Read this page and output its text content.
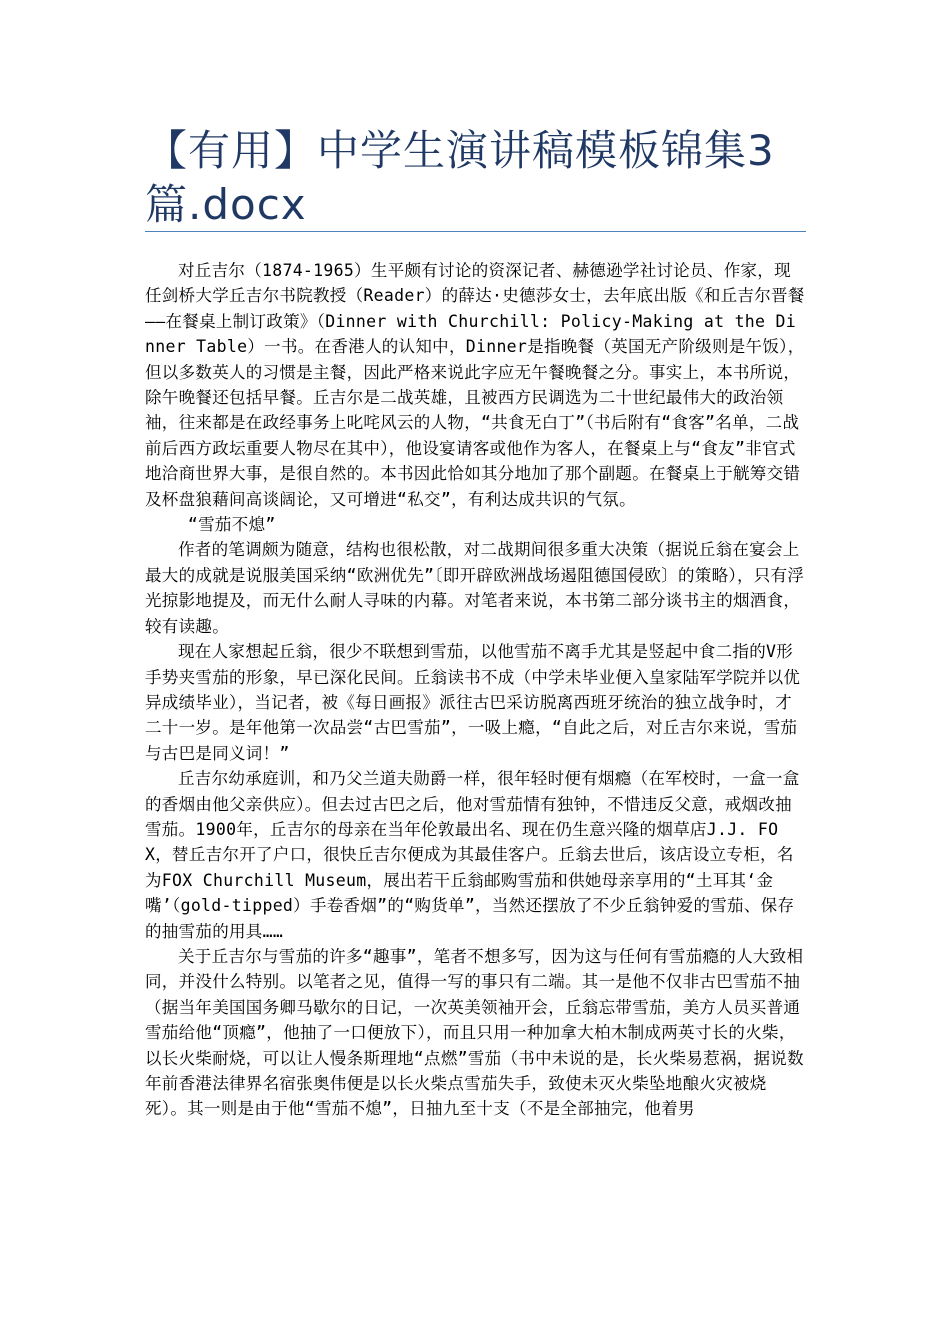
【有用】中学生演讲稿模板锦集3篇.docx

对丘吉尔（1874-1965）生平颇有讨论的资深记者、赫德逊学社讨论员、作家，现任剑桥大学丘吉尔书院教授（Reader）的薛达·史德莎女士，去年底出版《和丘吉尔晋餐——在餐桌上制订政策》（Dinner with Churchill: Policy-Making at the Dinner Table）一书。在香港人的认知中，Dinner是指晚餐（英国无产阶级则是午饭），但以多数英人的习惯是主餐，因此严格来说此字应无午餐晚餐之分。事实上，本书所说，除午晚餐还包括早餐。丘吉尔是二战英雄，且被西方民调选为二十世纪最伟大的政治领袖，往来都是在政经事务上叱咤风云的人物，“共食无白丁”（书后附有“食客”名单，二战前后西方政坛重要人物尽在其中），他设宴请客或他作为客人，在餐桌上与“食友”非官式地洽商世界大事，是很自然的。本书因此恰如其分地加了那个副题。在餐桌上于觥筹交错及杯盘狼藉间高谈阔论，又可增进“私交”，有利达成共识的气氛。

“雪茄不熄”

作者的笔调颇为随意，结构也很松散，对二战期间很多重大决策（据说丘翁在宴会上最大的成就是说服美国采纳“欧洲优先”〔即开辟欧洲战场遏阻德国侵欧〕的策略），只有浮光掠影地提及，而无什么耐人寻味的内幕。对笔者来说，本书第二部分谈书主的烟酒食，较有读趣。

现在人家想起丘翁，很少不联想到雪茄，以他雪茄不离手尤其是竖起中食二指的V形手势夹雪茄的形象，早已深化民间。丘翁读书不成（中学未毕业便入皇家陆军学院并以优异成绩毕业），当记者，被《每日画报》派往古巴采访脱离西班牙统治的独立战争时，才二十一岁。是年他第一次品尝“古巴雪茄”，一吸上瘾，“自此之后，对丘吉尔来说，雪茄与古巴是同义词！”

丘吉尔幼承庭训，和乃父兰道夫勋爵一样，很年轻时便有烟瘾（在军校时，一盒一盒的香烟由他父亲供应）。但去过古巴之后，他对雪茄情有独钟，不惜违反父意，戒烟改抽雪茄。1900年，丘吉尔的母亲在当年伦敦最出名、现在仍生意兴隆的烟草店J.J. FOX，替丘吉尔开了户口，很快丘吉尔便成为其最佳客户。丘翁去世后，该店设立专柜，名为FOX Churchill Museum，展出若干丘翁邮购雪茄和供她母亲享用的“土耳其‘金嘴’（gold-tipped）手卷香烟”的“购货单”，当然还摆放了不少丘翁钟爱的雪茄、保存的抽雪茄的用具……

关于丘吉尔与雪茄的许多“趣事”，笔者不想多写，因为这与任何有雪茄瘾的人大致相同，并没什么特别。以笔者之见，值得一写的事只有二端。其一是他不仅非古巴雪茄不抽（据当年美国国务卿马歇尔的日记，一次英美领袖开会，丘翁忘带雪茄，美方人员买普通雪茄给他“顶瘾”，他抽了一口便放下），而且只用一种加拿大柏木制成两英寸长的火柴，以长火柴耐烧，可以让人慢条斯理地“点燃”雪茄（书中未说的是，长火柴易惹祸，据说数年前香港法律界名宿张奥伟便是以长火柴点雪茄失手，致使未灭火柴坠地酿火灾被烧死）。其一则是由于他“雪茄不熄”，日抽九至十支（不是全部抽完，他着男
